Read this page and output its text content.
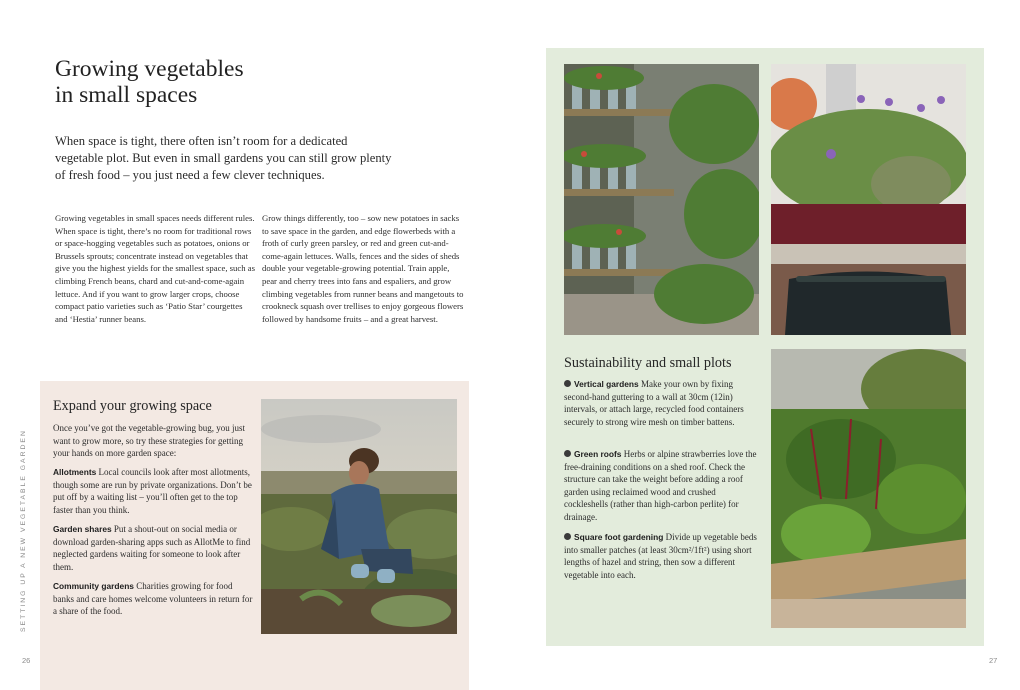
Growing vegetables
in small spaces

When space is tight, there often isn’t room for a dedicated vegetable plot. But even in small gardens you can still grow plenty of fresh food – you just need a few clever techniques.

Growing vegetables in small spaces needs different rules. When space is tight, there’s no room for traditional rows or space-hogging vegetables such as potatoes, onions or Brussels sprouts; concentrate instead on vegetables that give you the highest yields for the smallest space, such as climbing French beans, chard and cut-and-come-again lettuce. And if you want to grow larger crops, choose compact patio varieties such as ‘Patio Star’ courgettes and ‘Hestia’ runner beans.

Grow things differently, too – sow new potatoes in sacks to save space in the garden, and edge flowerbeds with a froth of curly green parsley, or red and green cut-and-come-again lettuces. Walls, fences and the sides of sheds double your vegetable-growing potential. Train apple, pear and cherry trees into fans and espaliers, and grow climbing vegetables from runner beans and mangetouts to crookneck squash over trellises to enjoy gorgeous flowers followed by handsome fruits – and a great harvest.

Expand your growing space

Once you’ve got the vegetable-growing bug, you just want to grow more, so try these strategies for getting your hands on more garden space:

Allotments Local councils look after most allotments, though some are run by private organizations. Don’t be put off by a waiting list – you’ll often get to the top faster than you think.

Garden shares Put a shout-out on social media or download garden-sharing apps such as AllotMe to find neglected gardens waiting for someone to look after them.

Community gardens Charities growing for food banks and care homes welcome volunteers in return for a share of the food.

SETTING UP A NEW VEGETABLE GARDEN
26
Sustainability and small plots

Vertical gardens Make your own by fixing second-hand guttering to a wall at 30cm (12in) intervals, or attach large, recycled food containers securely to strong wire mesh on timber battens.

Green roofs Herbs or alpine strawberries love the free-draining conditions on a shed roof. Check the structure can take the weight before adding a roof garden using reclaimed wood and crushed cockleshells (rather than high-carbon perlite) for drainage.

Square foot gardening Divide up vegetable beds into smaller patches (at least 30cm²/1ft²) using short lengths of hazel and string, then sow a different vegetable into each.

27
